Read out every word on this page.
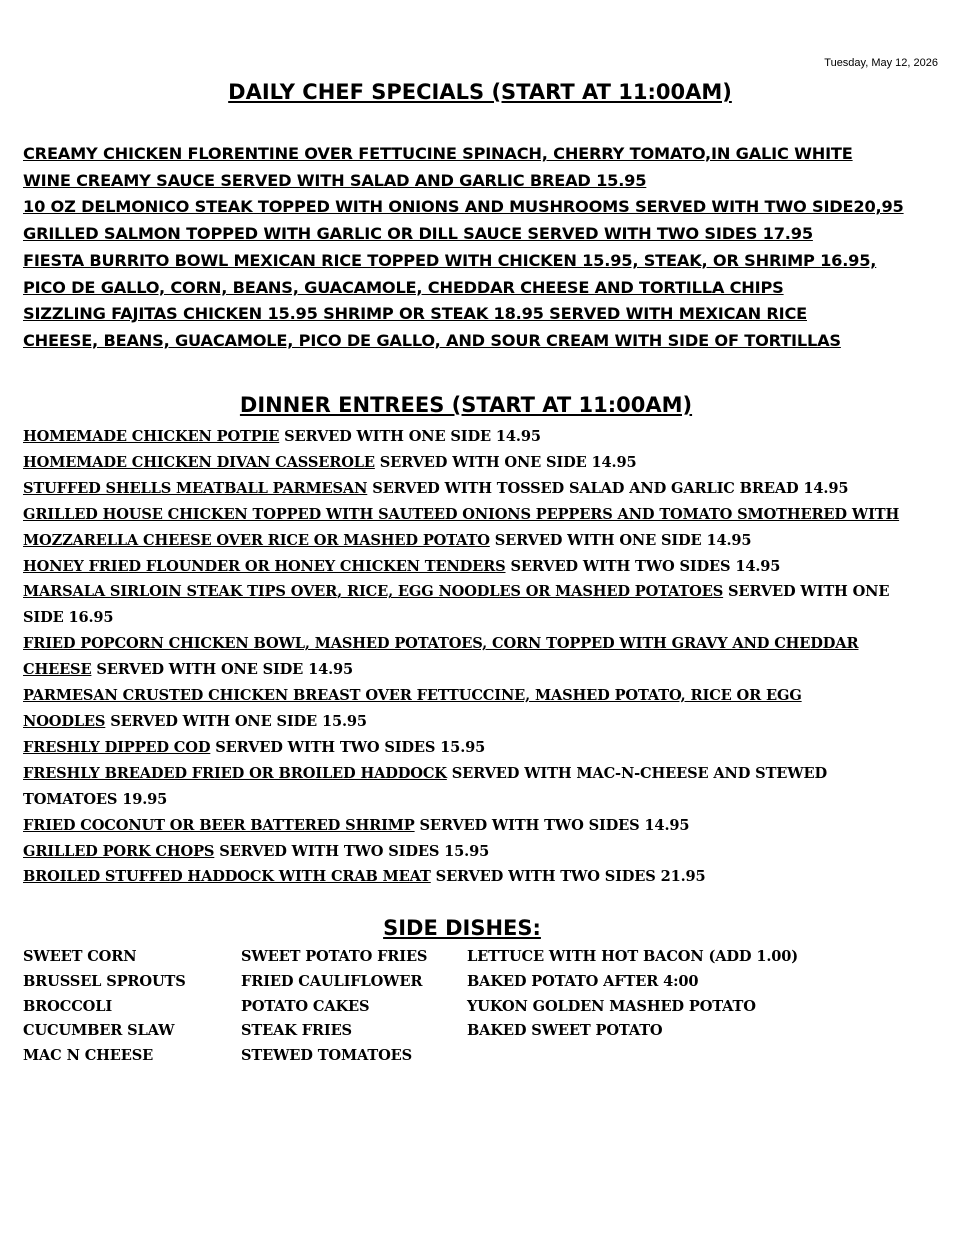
Tuesday, May 12, 2026
DAILY CHEF SPECIALS (START AT 11:00AM)
CREAMY CHICKEN FLORENTINE OVER FETTUCINE SPINACH, CHERRY TOMATO,IN GALIC WHITE
WINE CREAMY SAUCE SERVED WITH SALAD AND GARLIC BREAD 15.95
10 OZ DELMONICO STEAK TOPPED WITH ONIONS AND MUSHROOMS SERVED WITH TWO SIDE20,95
GRILLED SALMON TOPPED WITH GARLIC OR DILL SAUCE SERVED WITH TWO SIDES 17.95
FIESTA BURRITO BOWL MEXICAN RICE TOPPED WITH CHICKEN 15.95, STEAK, OR SHRIMP 16.95,
PICO DE GALLO, CORN, BEANS, GUACAMOLE, CHEDDAR CHEESE AND TORTILLA CHIPS
SIZZLING FAJITAS CHICKEN 15.95 SHRIMP OR STEAK 18.95 SERVED WITH MEXICAN RICE
CHEESE, BEANS, GUACAMOLE, PICO DE GALLO, AND SOUR CREAM WITH SIDE OF TORTILLAS
DINNER ENTREES (START AT 11:00AM)
HOMEMADE CHICKEN POTPIE SERVED WITH ONE SIDE 14.95
HOMEMADE CHICKEN DIVAN CASSEROLE SERVED WITH ONE SIDE 14.95
STUFFED SHELLS MEATBALL PARMESAN SERVED WITH TOSSED SALAD AND GARLIC BREAD 14.95
GRILLED HOUSE CHICKEN TOPPED WITH SAUTEED ONIONS PEPPERS AND TOMATO SMOTHERED WITH
MOZZARELLA CHEESE OVER RICE OR MASHED POTATO SERVED WITH ONE SIDE 14.95
HONEY FRIED FLOUNDER OR HONEY CHICKEN TENDERS SERVED WITH TWO SIDES 14.95
MARSALA SIRLOIN STEAK TIPS OVER, RICE, EGG NOODLES OR MASHED POTATOES SERVED WITH ONE
SIDE 16.95
FRIED POPCORN CHICKEN BOWL, MASHED POTATOES, CORN TOPPED WITH GRAVY AND CHEDDAR
CHEESE SERVED WITH ONE SIDE 14.95
PARMESAN CRUSTED CHICKEN BREAST OVER FETTUCCINE, MASHED POTATO, RICE OR EGG
NOODLES SERVED WITH ONE SIDE 15.95
FRESHLY DIPPED COD SERVED WITH TWO SIDES 15.95
FRESHLY BREADED FRIED OR BROILED HADDOCK SERVED WITH MAC-N-CHEESE AND STEWED
TOMATOES 19.95
FRIED COCONUT OR BEER BATTERED SHRIMP SERVED WITH TWO SIDES 14.95
GRILLED PORK CHOPS SERVED WITH TWO SIDES 15.95
BROILED STUFFED HADDOCK WITH CRAB MEAT SERVED WITH TWO SIDES 21.95
SIDE DISHES:
SWEET CORN
BRUSSEL SPROUTS
BROCCOLI
CUCUMBER SLAW
MAC N CHEESE
SWEET POTATO FRIES
FRIED CAULIFLOWER
POTATO CAKES
STEAK FRIES
STEWED TOMATOES
LETTUCE WITH HOT BACON (ADD 1.00)
BAKED POTATO AFTER 4:00
YUKON GOLDEN MASHED POTATO
BAKED SWEET POTATO
